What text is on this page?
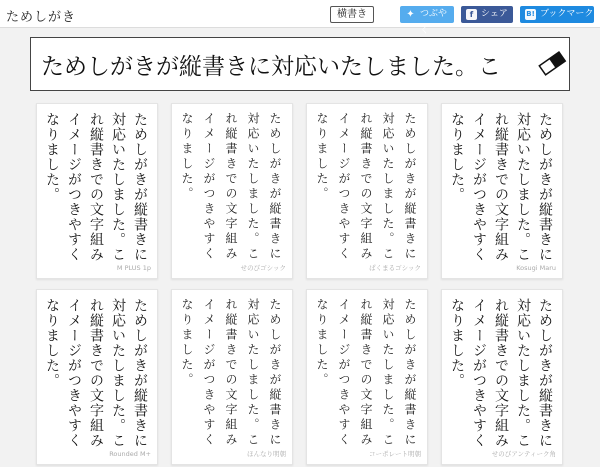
ためしがき	横書き	✦ つぶやく
f シェア	B! ブックマーク
ためしがきが縦書きに対応いたしました。こ
ためしがきが縦書きに
対応いたしました。こ
れ縦書きでの文字組み
イメージがつきやすく
なりました。
M PLUS 1p
ためしがきが縦書きに
対応いたしました。こ
れ縦書きでの文字組み
イメージがつきやすく
なりました。
せのびゴシック
ためしがきが縦書きに
対応いたしました。こ
れ縦書きでの文字組み
イメージがつきやすく
なりました。
ぱくまるゴシック
ためしがきが縦書きに
対応いたしました。こ
れ縦書きでの文字組み
イメージがつきやすく
なりました。
Kosugi Maru
ためしがきが縦書きに
対応いたしました。こ
れ縦書きでの文字組み
イメージがつきやすく
なりました。
Rounded M+
ためしがきが縦書きに
対応いたしました。こ
れ縦書きでの文字組み
イメージがつきやすく
なりました。
ほんなり明朝
ためしがきが縦書きに
対応いたしました。こ
れ縦書きでの文字組み
イメージがつきやすく
なりました。
コーポレート明朝
ためしがきが縦書きに
対応いたしました。こ
れ縦書きでの文字組み
イメージがつきやすく
なりました。
せのびアンティーク角
